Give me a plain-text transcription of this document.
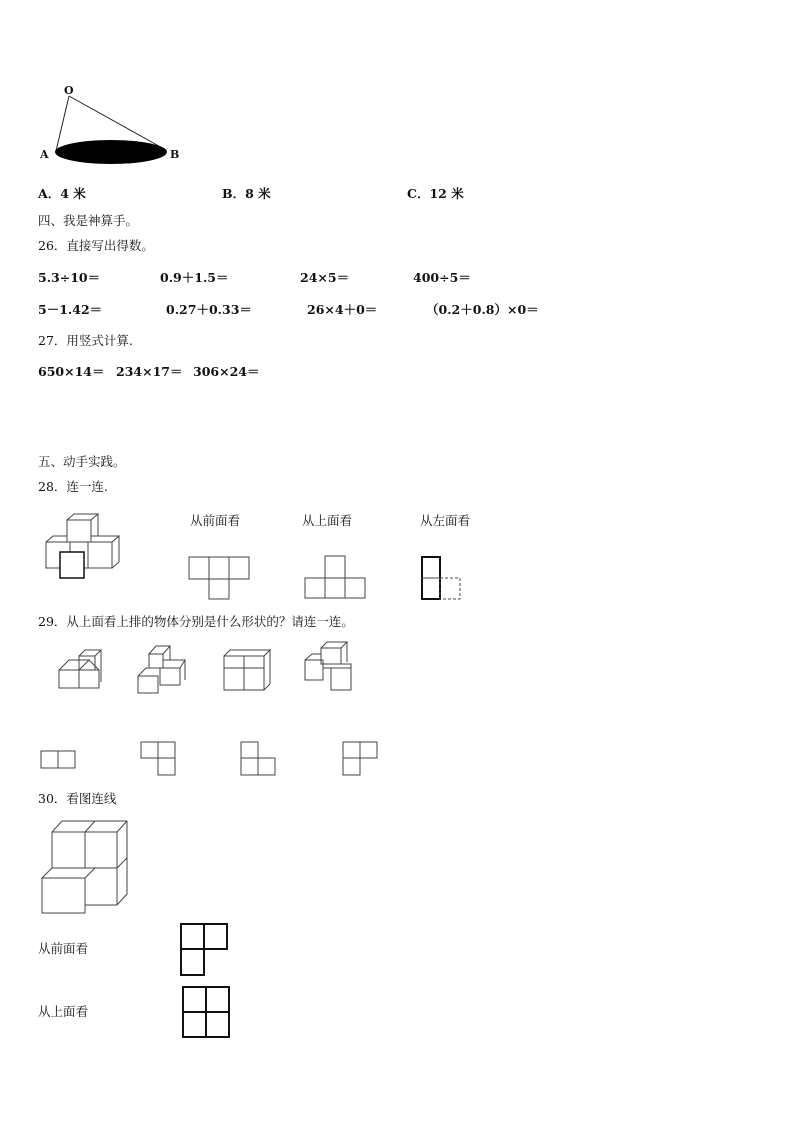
O
A	B
A．4 米	B．8 米	C．12 米
四、我是神算手。
26．直接写出得数。
5.3÷10＝	0.9＋1.5＝	24×5＝	400÷5＝
5－1.42＝	0.27＋0.33＝	26×4＋0＝	（0.2＋0.8）×0＝
27．用竖式计算.
650×14＝ 234×17＝ 306×24＝
五、动手实践。
28．连一连.
从前面看	从上面看	从左面看
29．从上面看上排的物体分别是什么形状的？请连一连。
30．看图连线
从前面看
从上面看
